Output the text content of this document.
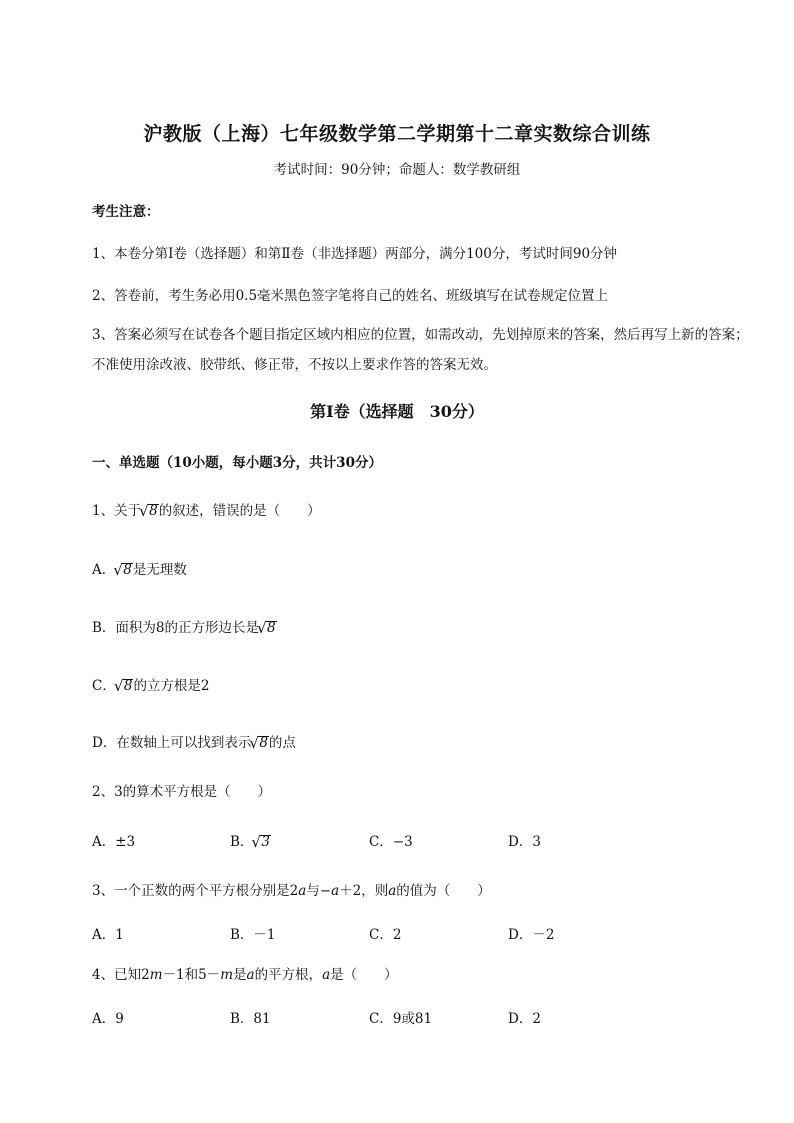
沪教版（上海）七年级数学第二学期第十二章实数综合训练
考试时间：90分钟；命题人：数学教研组
考生注意：
1、本卷分第Ⅰ卷（选择题）和第Ⅱ卷（非选择题）两部分，满分100分，考试时间90分钟
2、答卷前，考生务必用0.5毫米黑色签字笔将自己的姓名、班级填写在试卷规定位置上
3、答案必须写在试卷各个题目指定区域内相应的位置，如需改动，先划掉原来的答案，然后再写上新的答案；不准使用涂改液、胶带纸、修正带，不按以上要求作答的答案无效。
第Ⅰ卷（选择题　30分）
一、单选题（10小题，每小题3分，共计30分）
1、关于 √ 8的叙述，错误的是（　　）
A． √ 8是无理数
B．面积为8的正方形边长是 √ 8
C． √ 8的立方根是2
D．在数轴上可以找到表示 √ 8的点
2、3的算术平方根是（　　）
A．±3	B． √ 3	C．−3	D．3
3、一个正数的两个平方根分别是2a与−a＋2，则a的值为（　　）
A．1	B．－1	C．2	D．－2
4、已知2m－1和5－m是a的平方根，a是（　　）
A．9	B．81	C．9或81	D．2
